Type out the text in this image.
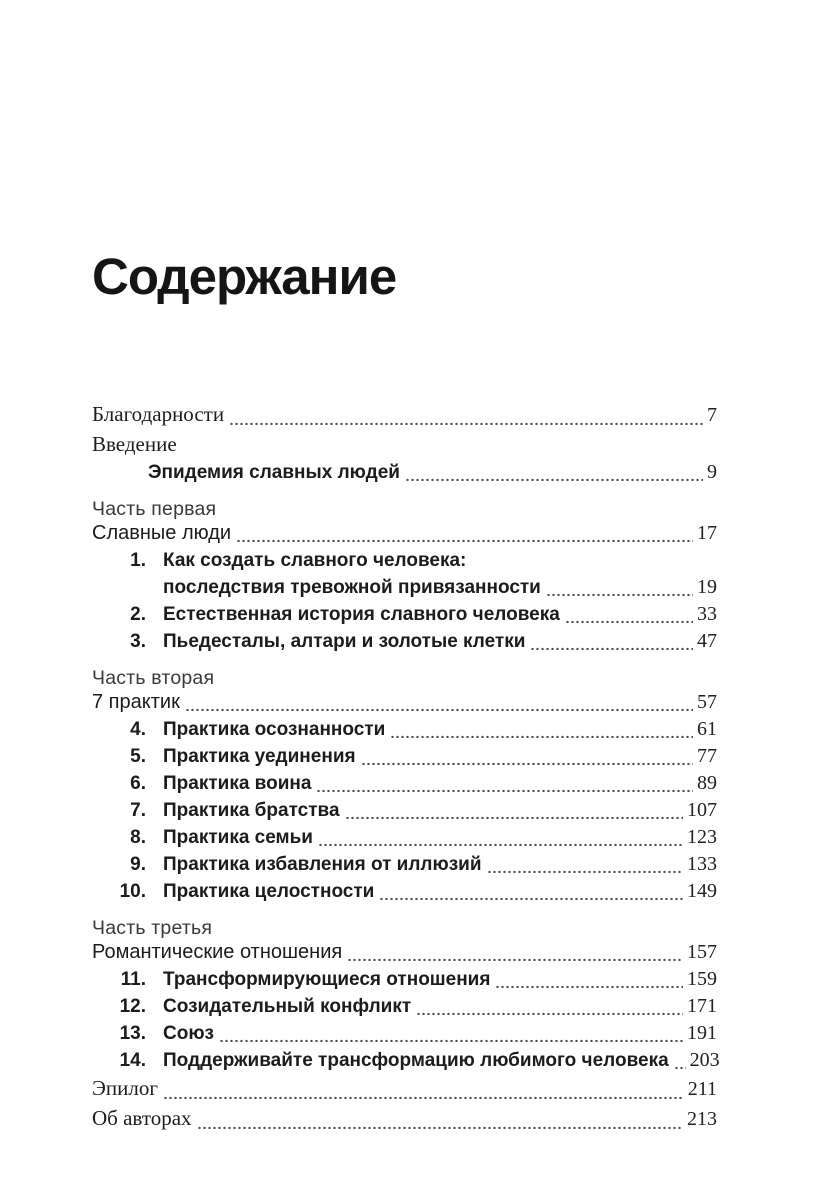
Содержание
Благодарности	7
Введение
Эпидемия славных людей	9
Часть первая
Славные люди	17
1. Как создать славного человека:
последствия тревожной привязанности	19
2. Естественная история славного человека	33
3. Пьедесталы, алтари и золотые клетки	47
Часть вторая
7 практик	57
4. Практика осознанности	61
5. Практика уединения	77
6. Практика воина	89
7. Практика братства	107
8. Практика семьи	123
9. Практика избавления от иллюзий	133
10. Практика целостности	149
Часть третья
Романтические отношения	157
11. Трансформирующиеся отношения	159
12. Созидательный конфликт	171
13. Союз	191
14. Поддерживайте трансформацию любимого человека 203
Эпилог	211
Об авторах	213
